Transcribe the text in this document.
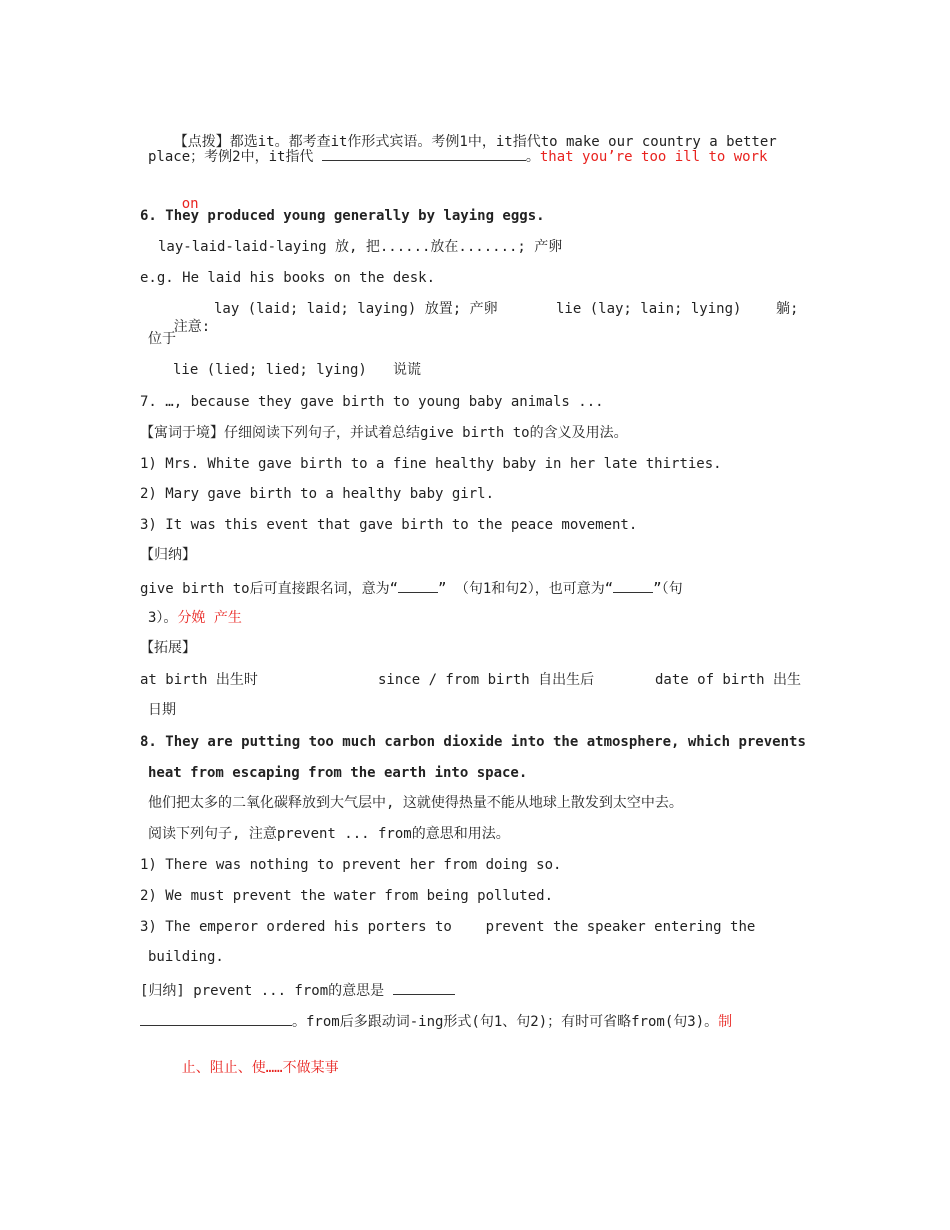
【点拨】都选it。都考查it作形式宾语。考例1中，it指代to make our country a better

place；考例2中，it指代	。that you’re too ill to work

on

6. They produced young generally by laying eggs.
lay-laid-laid-laying 放, 把......放在.......; 产卵
e.g. He laid his books on the desk.

注意:

lay (laid; laid; laying) 放置; 产卵	lie (lay; lain; lying) 躺;
位于
lie (lied; lied; lying) 说谎
7. …, because they gave birth to young baby animals ...
【寓词于境】仔细阅读下列句子，并试着总结give birth to的含义及用法。
1) Mrs. White gave birth to a fine healthy baby in her late thirties.
2) Mary gave birth to a healthy baby girl.
3) It was this event that gave birth to the peace movement.
【归纳】
give birth to后可直接跟名词，意为“	” （句1和句2），也可意为“	”（句
3）。分娩 产生
【拓展】
at birth 出生时	since / from birth 自出生后	date of birth 出生
日期
8. They are putting too much carbon dioxide into the atmosphere, which prevents
heat from escaping from the earth into space.
他们把太多的二氧化碳释放到大气层中, 这就使得热量不能从地球上散发到太空中去。
阅读下列句子, 注意prevent ... from的意思和用法。
1) There was nothing to prevent her from doing so.
2) We must prevent the water from being polluted.
3) The emperor ordered his porters to    prevent the speaker entering the
building.
[归纳] prevent ... from的意思是
。from后多跟动词-ing形式(句1、句2)；有时可省略from(句3)。制

止、阻止、使……不做某事
